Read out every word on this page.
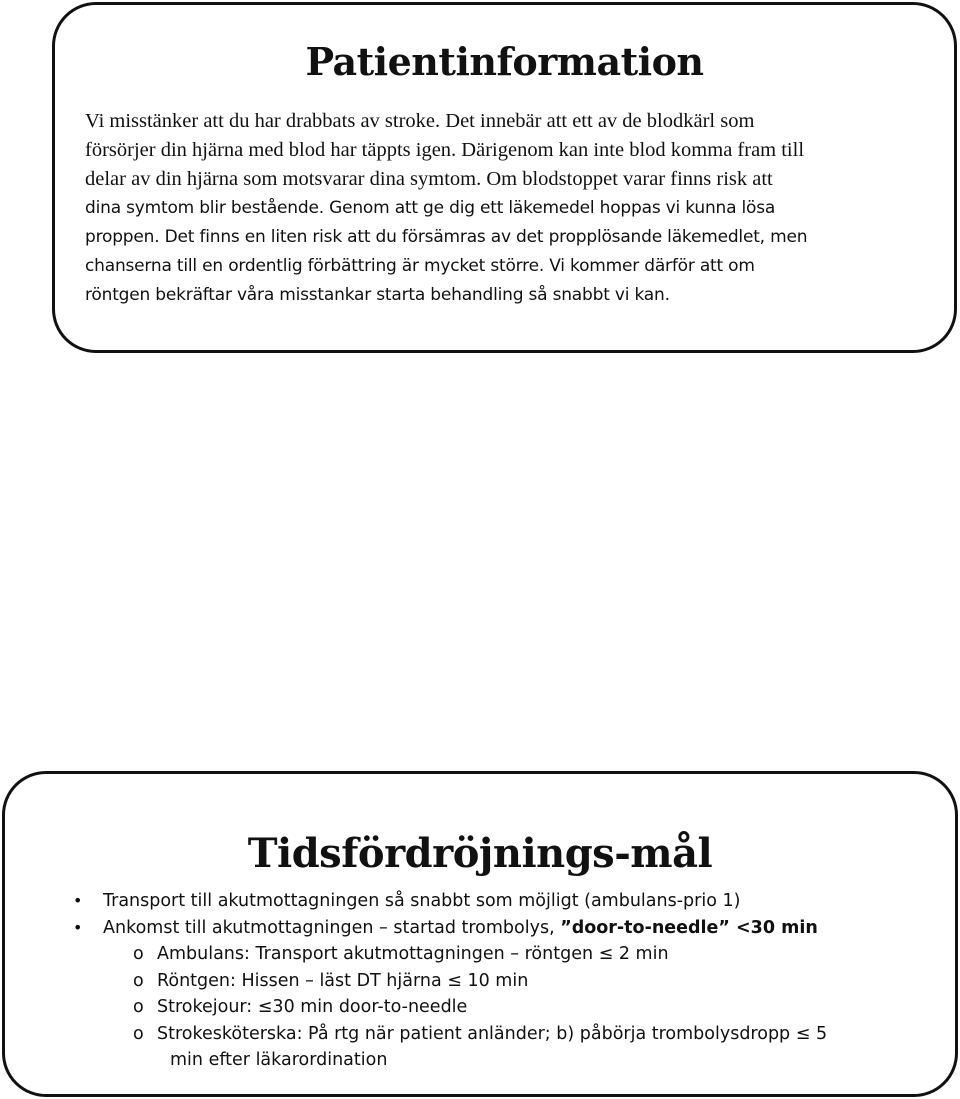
Patientinformation
Vi misstänker att du har drabbats av stroke. Det innebär att ett av de blodkärl som
försörjer din hjärna med blod har täppts igen. Därigenom kan inte blod komma fram till
delar av din hjärna som motsvarar dina symtom. Om blodstoppet varar finns risk att
dina symtom blir bestående. Genom att ge dig ett läkemedel hoppas vi kunna lösa
proppen. Det finns en liten risk att du försämras av det propplösande läkemedlet, men
chanserna till en ordentlig förbättring är mycket större. Vi kommer därför att om
röntgen bekräftar våra misstankar starta behandling så snabbt vi kan.
Tidsfördröjnings-mål
• Transport till akutmottagningen så snabbt som möjligt (ambulans-prio 1)
• Ankomst till akutmottagningen – startad trombolys, ”door-to-needle” <30 min
o Ambulans: Transport akutmottagningen – röntgen ≤ 2 min
o Röntgen: Hissen – läst DT hjärna ≤ 10 min
o Strokejour: ≤30 min door-to-needle
o Strokesköterska: På rtg när patient anländer; b) påbörja trombolysdropp ≤ 5
min efter läkarordination
